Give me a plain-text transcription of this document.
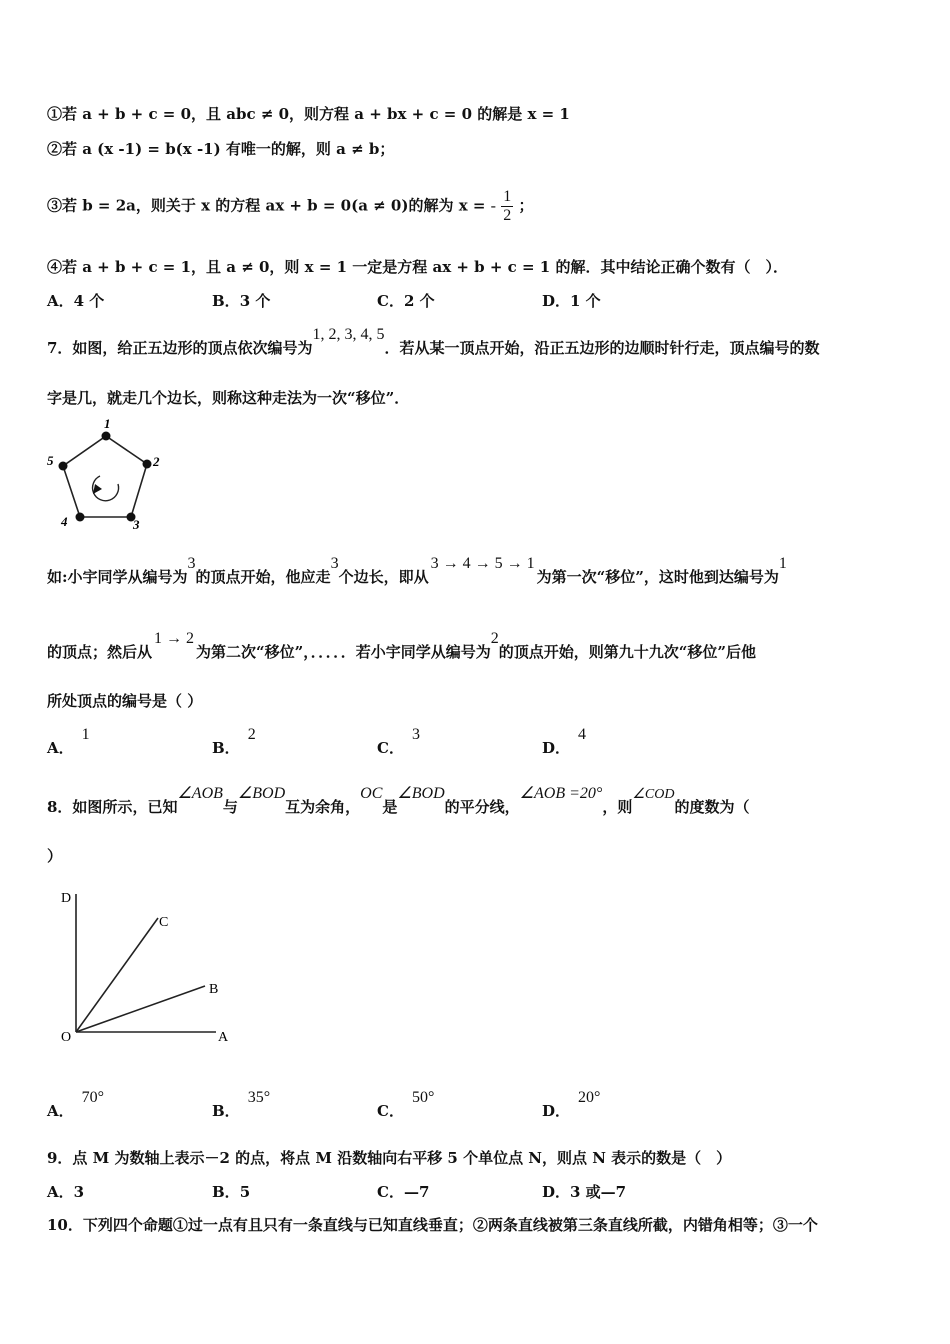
①若 a + b + c = 0，且 abc ≠ 0，则方程 a + bx + c = 0 的解是 x = 1
②若 a (x -1) = b(x -1) 有唯一的解，则 a ≠ b；
③若 b = 2a，则关于 x 的方程 ax + b = 0(a ≠ 0)的解为 x = - $\frac{1}{2}$ ；
④若 a + b + c = 1，且 a ≠ 0，则 x = 1 一定是方程 ax + b + c = 1 的解．其中结论正确个数有（　）．
A．4 个	B．3 个	C．2 个	D．1 个
7．如图，给正五边形的顶点依次编号为1, 2, 3, 4, 5．若从某一顶点开始，沿正五边形的边顺时针行走，顶点编号的数
字是几，就走几个边长，则称这种走法为一次“移位”．
1
2
3
4
5
如:小宇同学从编号为3的顶点开始，他应走3个边长，即从3 → 4 → 5 → 1为第一次“移位”，这时他到达编号为1
的顶点；然后从1 → 2为第二次“移位”，．．．．．若小宇同学从编号为2的顶点开始，则第九十九次“移位”后他
所处顶点的编号是（ ）
A．1
B．2
C．3
D．4
8．如图所示，已知∠AOB与∠BOD互为余角，OC是∠BOD的平分线，∠AOB =20°，则∠COD的度数为（
）
D
C
B
O	A
A．70°
B．35°
C．50°
D．20°
9．点 M 为数轴上表示－2 的点，将点 M 沿数轴向右平移 5 个单位点 N，则点 N 表示的数是（　）
A．3	B．5	C．—7	D．3 或—7
10．下列四个命题①过一点有且只有一条直线与已知直线垂直；②两条直线被第三条直线所截，内错角相等；③一个
